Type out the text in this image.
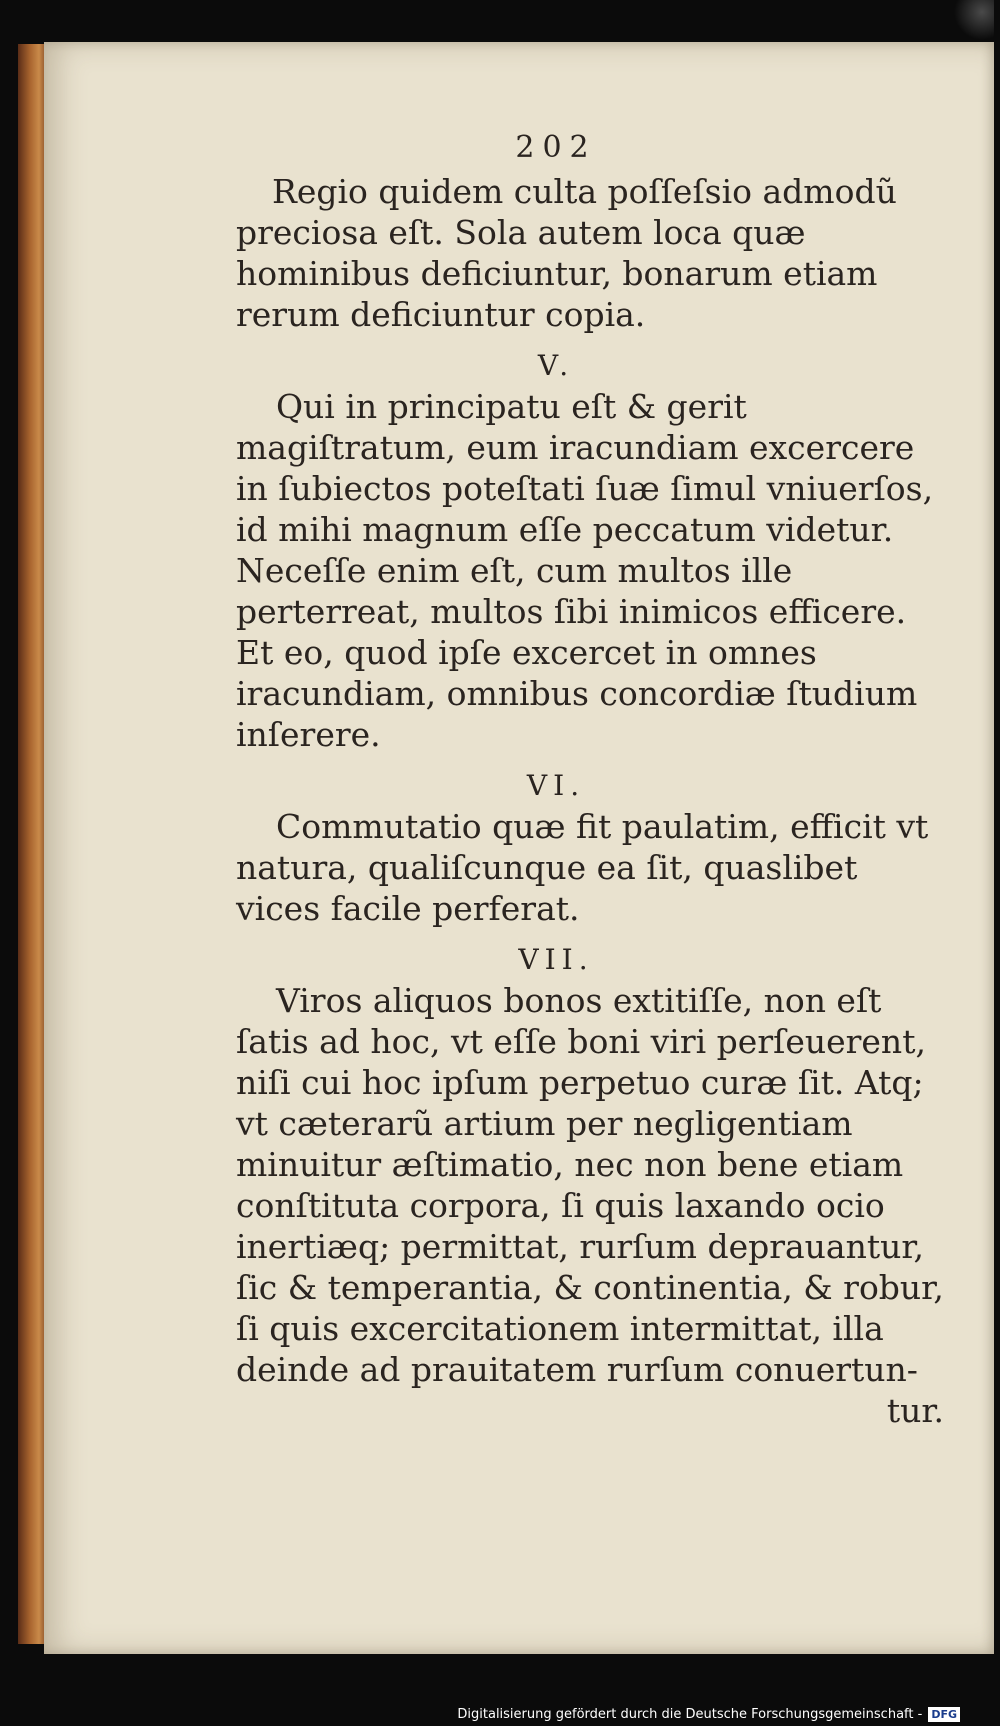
202

Regio quidem culta poſſeſsio admodũ preciosa eſt. Sola autem loca quæ hominibus deficiuntur, bonarum etiam rerum deficiuntur copia.

V.

Qui in principatu eſt & gerit magiſtratum, eum iracundiam excercere in ſubiectos poteſtati ſuæ ſimul vniuerſos, id mihi magnum eſſe peccatum videtur. Neceſſe enim eſt, cum multos ille perterreat, multos ſibi inimicos efficere. Et eo, quod ipſe excercet in omnes iracundiam, omnibus concordiæ ſtudium inſerere.

VI.

Commutatio quæ fit paulatim, efficit vt natura, qualiſcunque ea ſit, quaslibet vices facile perferat.

VII.

Viros aliquos bonos extitiſſe, non eſt ſatis ad hoc, vt eſſe boni viri perſeuerent, niſi cui hoc ipſum perpetuo curæ ſit. Atq; vt cæterarũ artium per negligentiam minuitur æſtimatio, nec non bene etiam conſtituta corpora, ſi quis laxando ocio inertiæq; permittat, rurſum deprauantur, ſic & temperantia, & continentia, & robur, ſi quis excercitationem intermittat, illa deinde ad prauitatem rurſum conuertun-

tur.

Digitalisierung gefördert durch die Deutsche Forschungsgemeinschaft - DFG
